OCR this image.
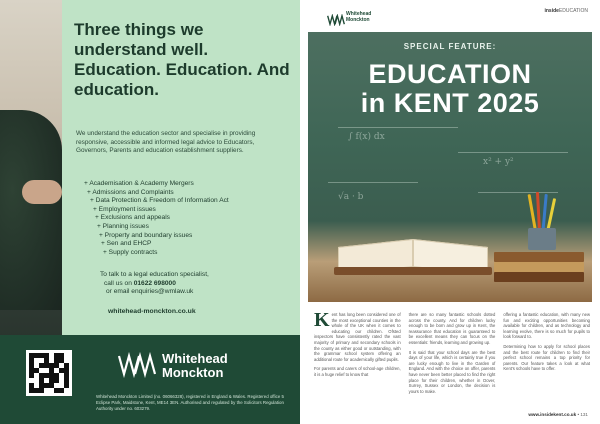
Three things we understand well. Education. Education. And education.

We understand the education sector and specialise in providing responsive, accessible and informed legal advice to Educators, Governors, Parents and education establishment suppliers.

+ Academisation & Academy Mergers
+ Admissions and Complaints
+ Data Protection & Freedom of Information Act
+ Employment issues
+ Exclusions and appeals
+ Planning issues
+ Property and boundary issues
+ Sen and EHCP
+ Supply contracts
To talk to a legal education specialist,
call us on 01622 698000
or email enquiries@wmlaw.uk
whitehead-monckton.co.uk
Whitehead
Monckton

Whitehead Monckton Limited (no. 06066328), registered in England & Wales. Registered office 5 Eclipse Park, Maidstone, Kent, ME14 3EN. Authorised and regulated by the Solicitors Regulation Authority under no. 603279.

Whitehead
Monckton
insideEDUCATION
∫ f(x) dx
x² + y²
√a · b
SPECIAL FEATURE:
EDUCATION
in KENT 2025

Kent has long been considered one of the most exceptional counties in the whole of the UK when it comes to educating our children. Ofsted inspectors have consistently rated the vast majority of primary and secondary schools in the county as either good or outstanding, with the grammar school system offering an additional route for academically gifted pupils.

For parents and carers of school-age children, it is a huge relief to know that

there are so many fantastic schools dotted across the county. And for children lucky enough to be born and grow up in Kent, the reassurance that education is guaranteed to be excellent means they can focus on the essentials: friends, learning and growing up.

It is said that your school days are the best days of your life, which is certainly true if you are lucky enough to live in the Garden of England. And with the choice on offer, parents have never been better placed to find the right place for their children, whether in Dover, Surrey, Sussex or London, the decision is yours to make.

offering a fantastic education, with many new fun and exciting opportunities becoming available for children, and as technology and learning evolve, there is so much for pupils to look forward to.

Determining how to apply for school places and the best route for children to find their perfect school remains a top priority for parents. Our feature takes a look at what Kent's schools have to offer.

www.insidekent.co.uk • 131
